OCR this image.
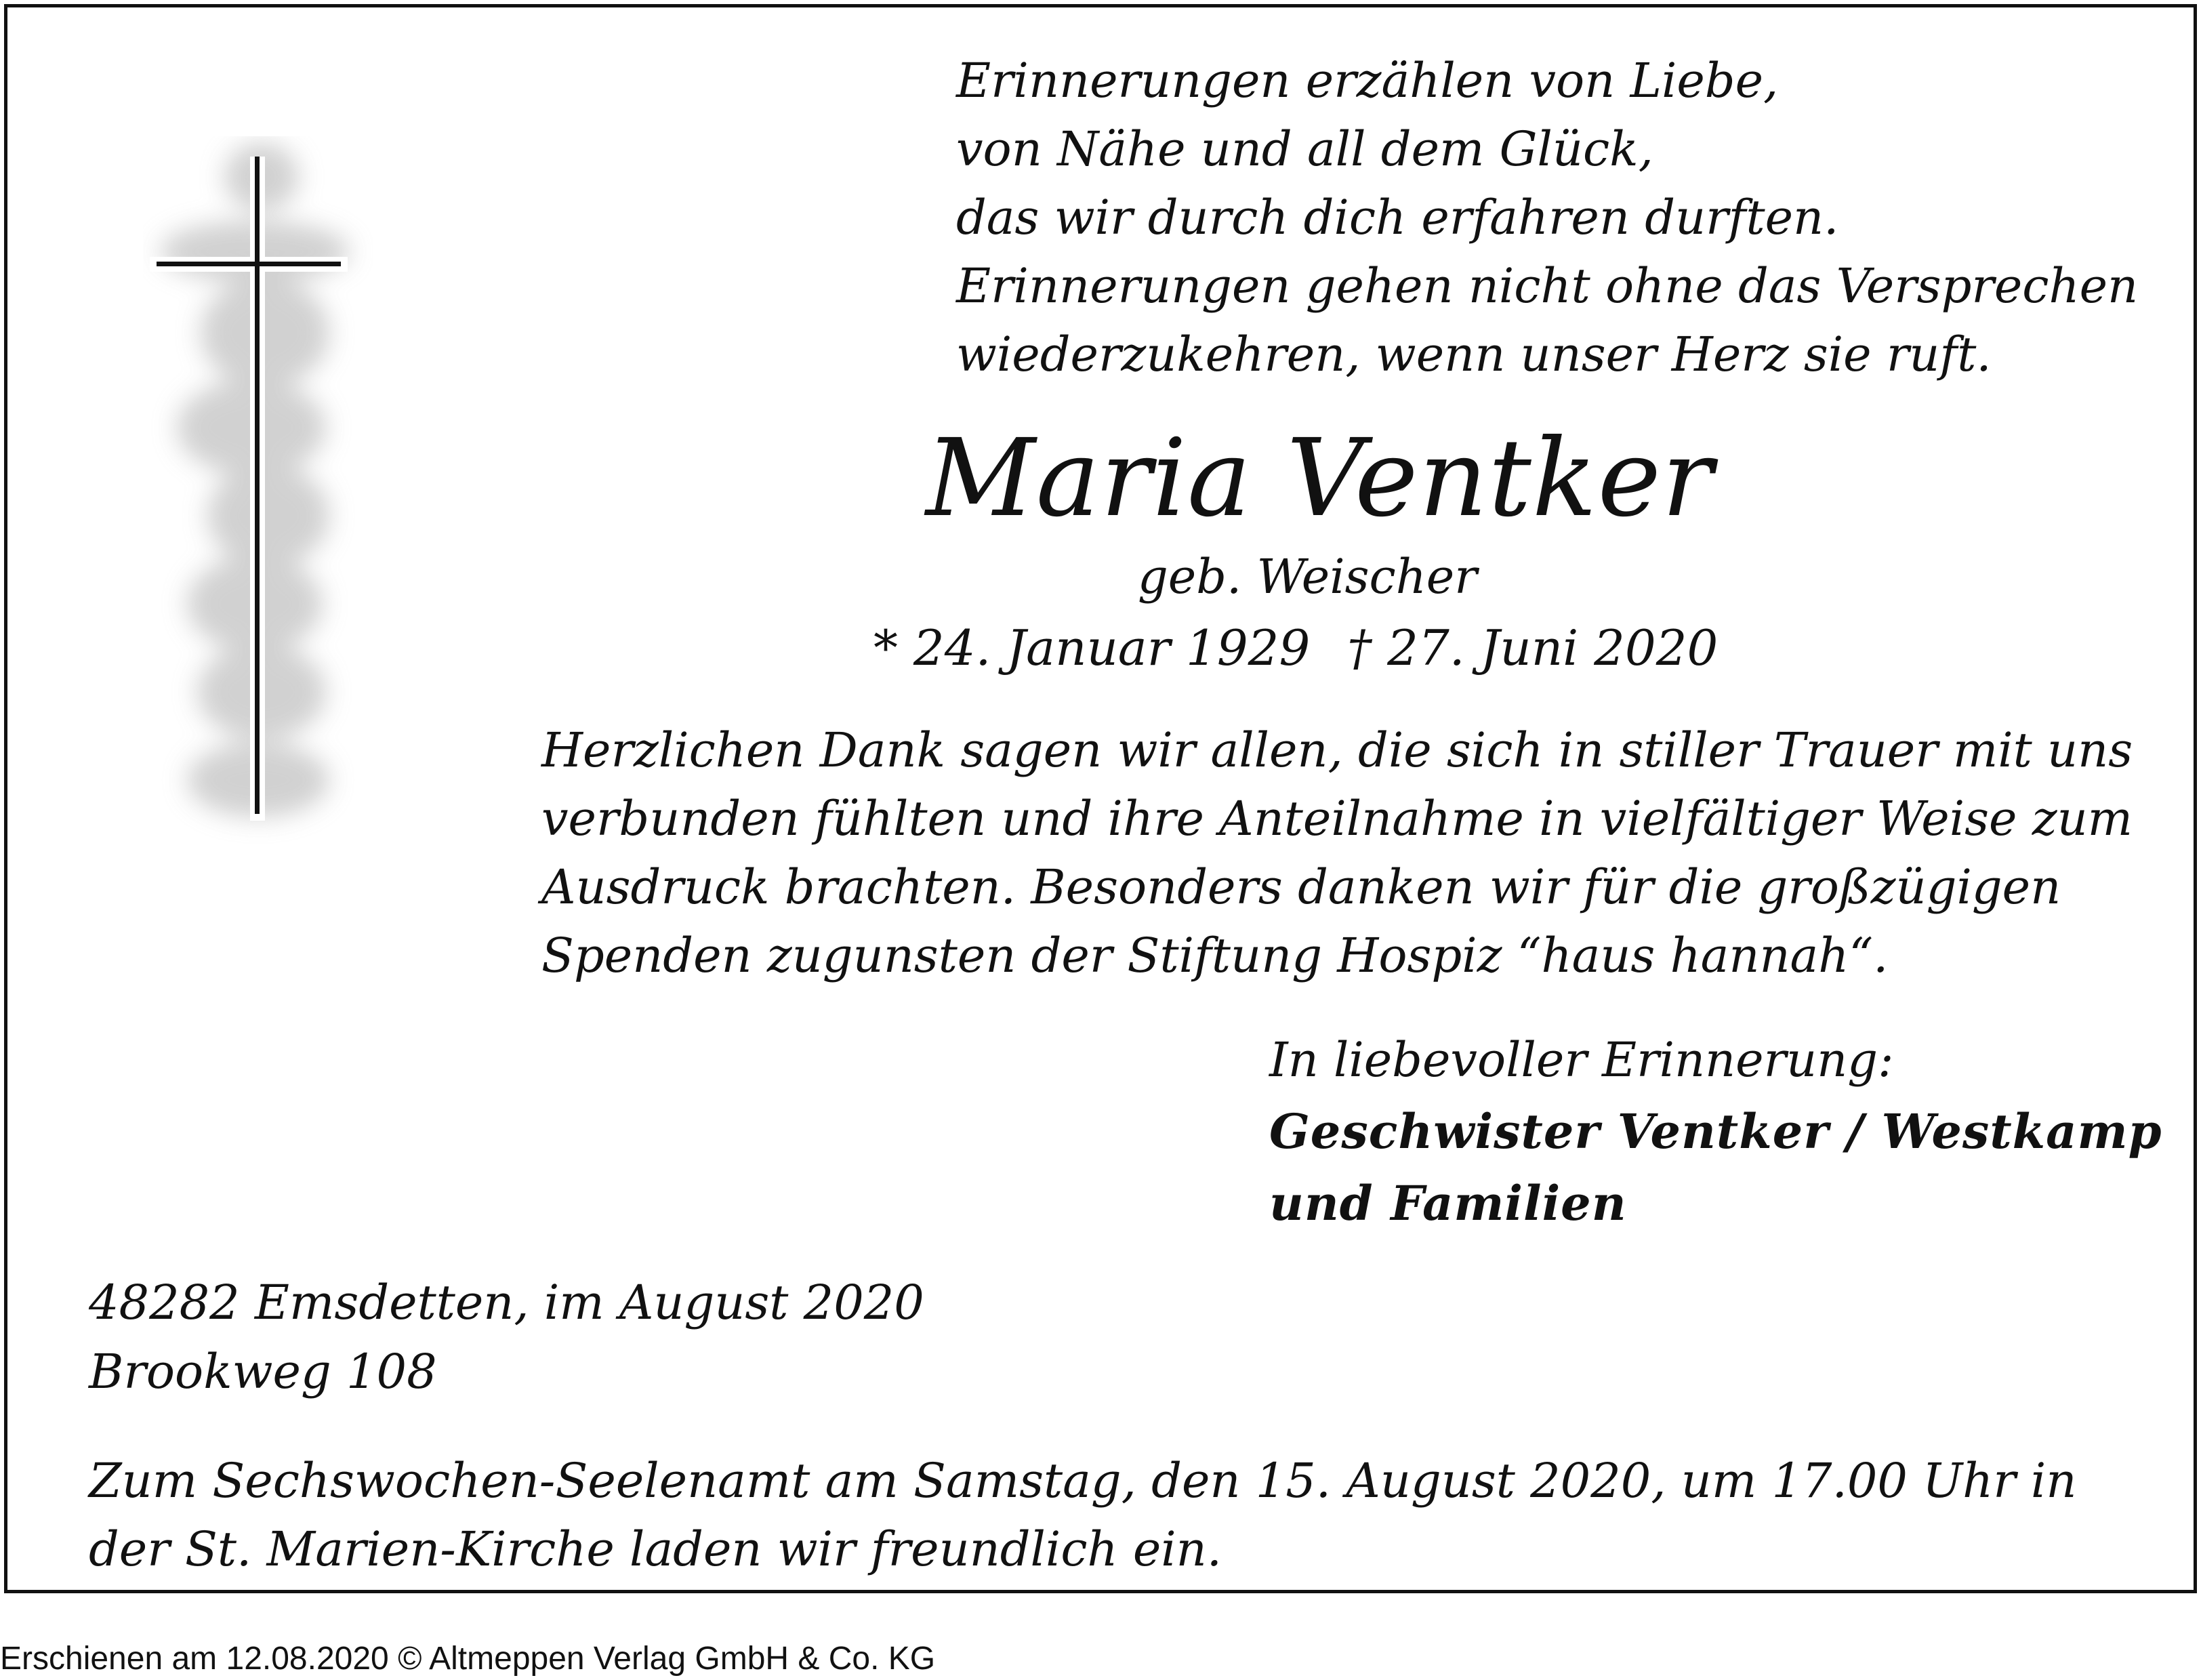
Erinnerungen erzählen von Liebe,
von Nähe und all dem Glück,
das wir durch dich erfahren durften.
Erinnerungen gehen nicht ohne das Versprechen
wiederzukehren, wenn unser Herz sie ruft.
Maria Ventker
geb. Weischer
* 24. Januar 1929 † 27. Juni 2020
Herzlichen Dank sagen wir allen, die sich in stiller Trauer mit uns
verbunden fühlten und ihre Anteilnahme in vielfältiger Weise zum
Ausdruck brachten. Besonders danken wir für die großzügigen
Spenden zugunsten der Stiftung Hospiz “haus hannah“.
In liebevoller Erinnerung:
Geschwister Ventker / Westkamp
und Familien
48282 Emsdetten, im August 2020
Brookweg 108
Zum Sechswochen-Seelenamt am Samstag, den 15. August 2020, um 17.00 Uhr in
der St. Marien-Kirche laden wir freundlich ein.
Erschienen am 12.08.2020 © Altmeppen Verlag GmbH & Co. KG
